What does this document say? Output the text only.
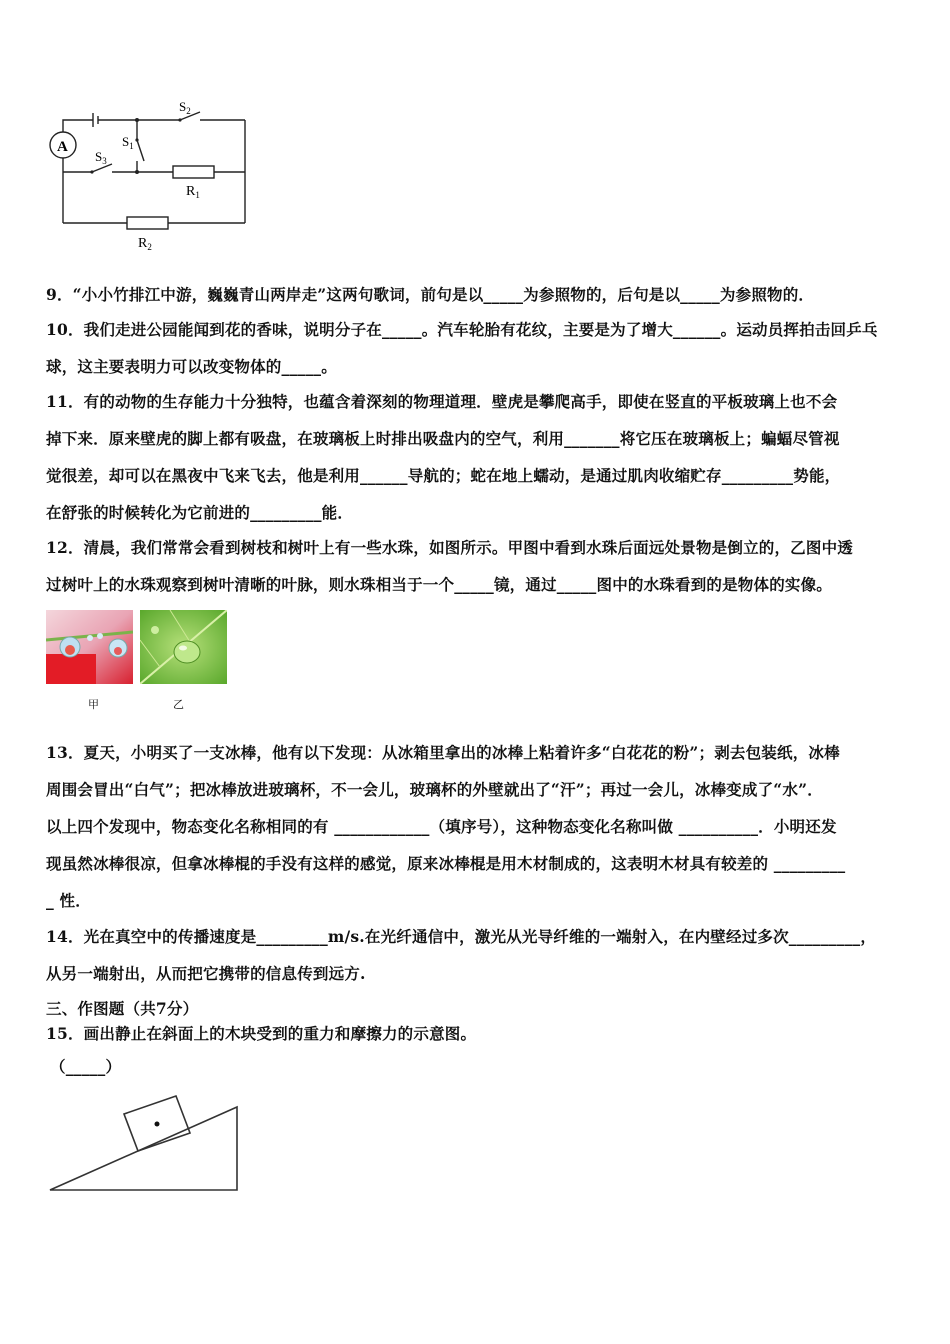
A
$S_2$
$S_1$
$S_3$
$R_1$
$R_2$
9．“小小竹排江中游，巍巍青山两岸走”这两句歌词，前句是以_____为参照物的，后句是以_____为参照物的．
10．我们走进公园能闻到花的香味，说明分子在_____。汽车轮胎有花纹，主要是为了增大______。运动员挥拍击回乒乓
球，这主要表明力可以改变物体的_____。
11．有的动物的生存能力十分独特，也蕴含着深刻的物理道理．壁虎是攀爬高手，即使在竖直的平板玻璃上也不会
掉下来．原来壁虎的脚上都有吸盘，在玻璃板上时排出吸盘内的空气，利用_______将它压在玻璃板上；蝙蝠尽管视
觉很差，却可以在黑夜中飞来飞去，他是利用______导航的；蛇在地上蠕动，是通过肌肉收缩贮存_________势能，
在舒张的时候转化为它前进的_________能．
12．清晨，我们常常会看到树枝和树叶上有一些水珠，如图所示。甲图中看到水珠后面远处景物是倒立的，乙图中透
过树叶上的水珠观察到树叶清晰的叶脉，则水珠相当于一个_____镜，通过_____图中的水珠看到的是物体的实像。
甲	乙
13．夏天，小明买了一支冰棒，他有以下发现：从冰箱里拿出的冰棒上粘着许多“白花花的粉”；剥去包装纸，冰棒
周围会冒出“白气”；把冰棒放进玻璃杯，不一会儿，玻璃杯的外壁就出了“汗”；再过一会儿，冰棒变成了“水”．
以上四个发现中，物态变化名称相同的有 ____________（填序号），这种物态变化名称叫做 __________．小明还发
现虽然冰棒很凉，但拿冰棒棍的手没有这样的感觉，原来冰棒棍是用木材制成的，这表明木材具有较差的 _________
_ 性．
14．光在真空中的传播速度是_________m/s.在光纤通信中，激光从光导纤维的一端射入，在内壁经过多次_________，
从另一端射出，从而把它携带的信息传到远方.
三、作图题（共7分）
15．画出静止在斜面上的木块受到的重力和摩擦力的示意图。
（_____）
